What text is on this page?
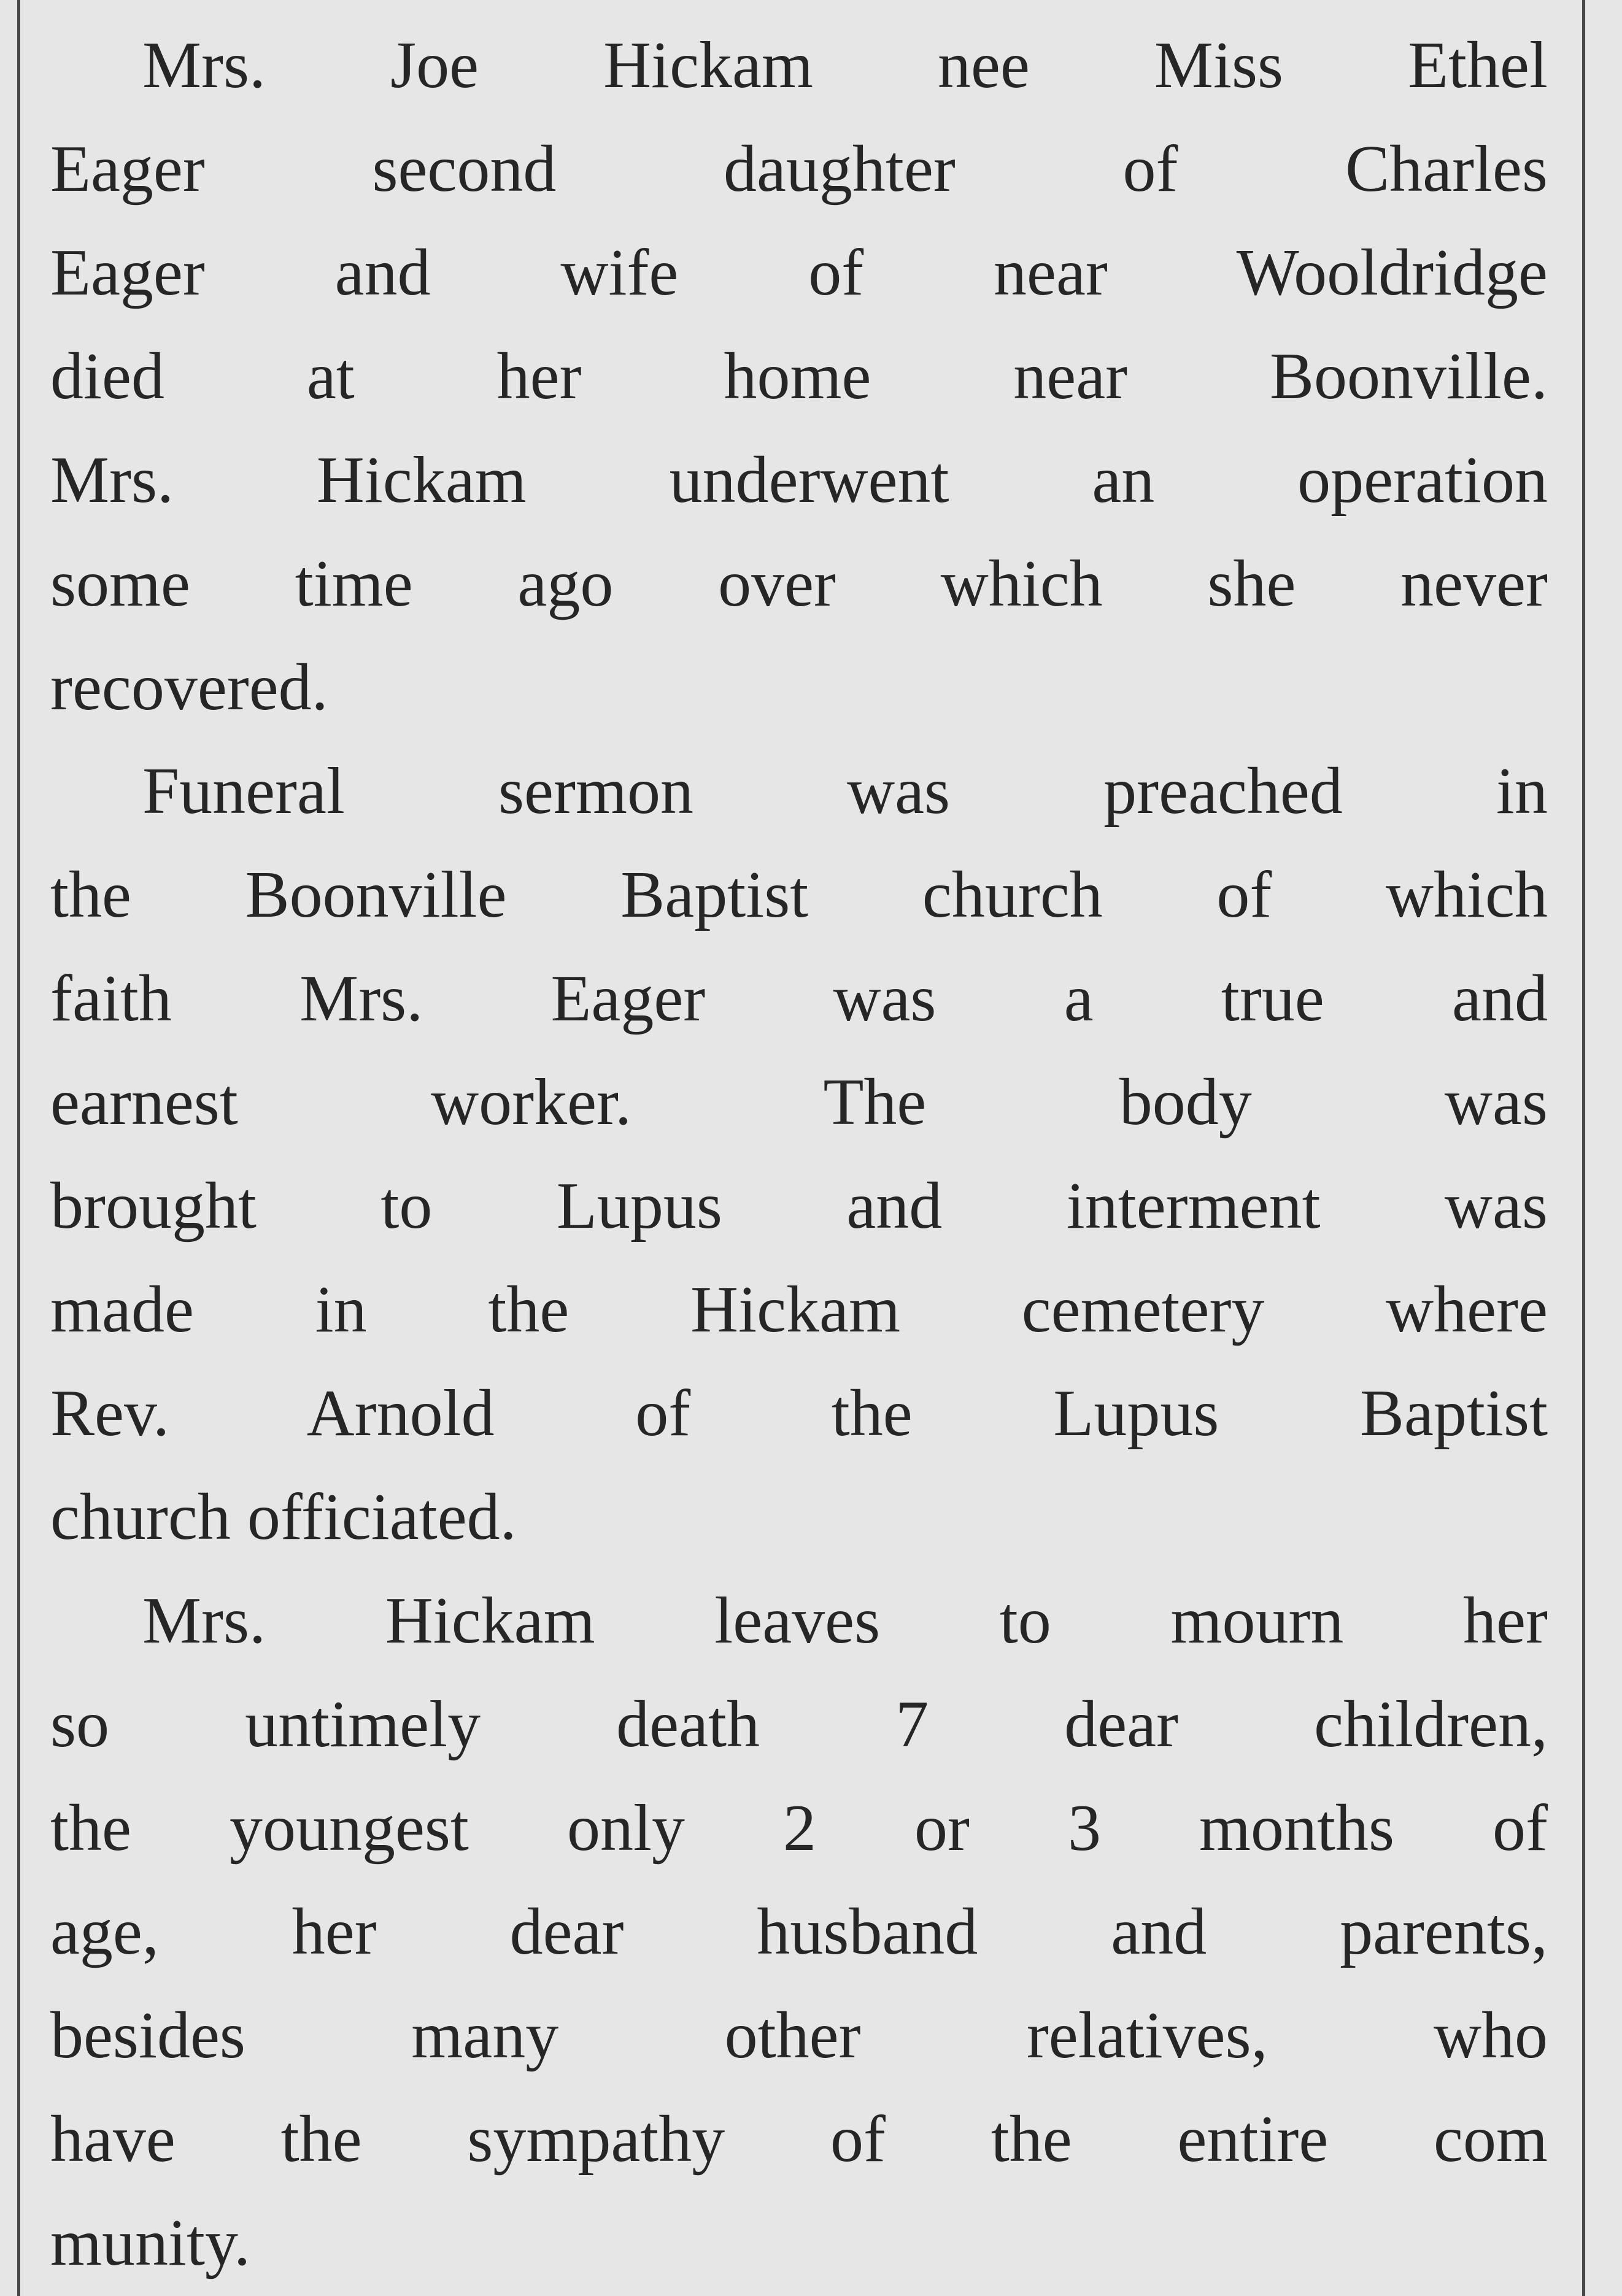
Mrs. Joe Hickam nee Miss Ethel
Eager second daughter of Charles
Eager and wife of near Wooldridge
died at her home near Boonville.
Mrs. Hickam underwent an operation
some time ago over which she never
recovered.

Funeral sermon was preached in
the Boonville Baptist church of which
faith Mrs. Eager was a true and
earnest worker. The body was
brought to Lupus and interment was
made in the Hickam cemetery where
Rev. Arnold of the Lupus Baptist
church officiated.

Mrs. Hickam leaves to mourn her
so untimely death 7 dear children,
the youngest only 2 or 3 months of
age, her dear husband and parents,
besides many other relatives, who
have the sympathy of the entire com
munity.
